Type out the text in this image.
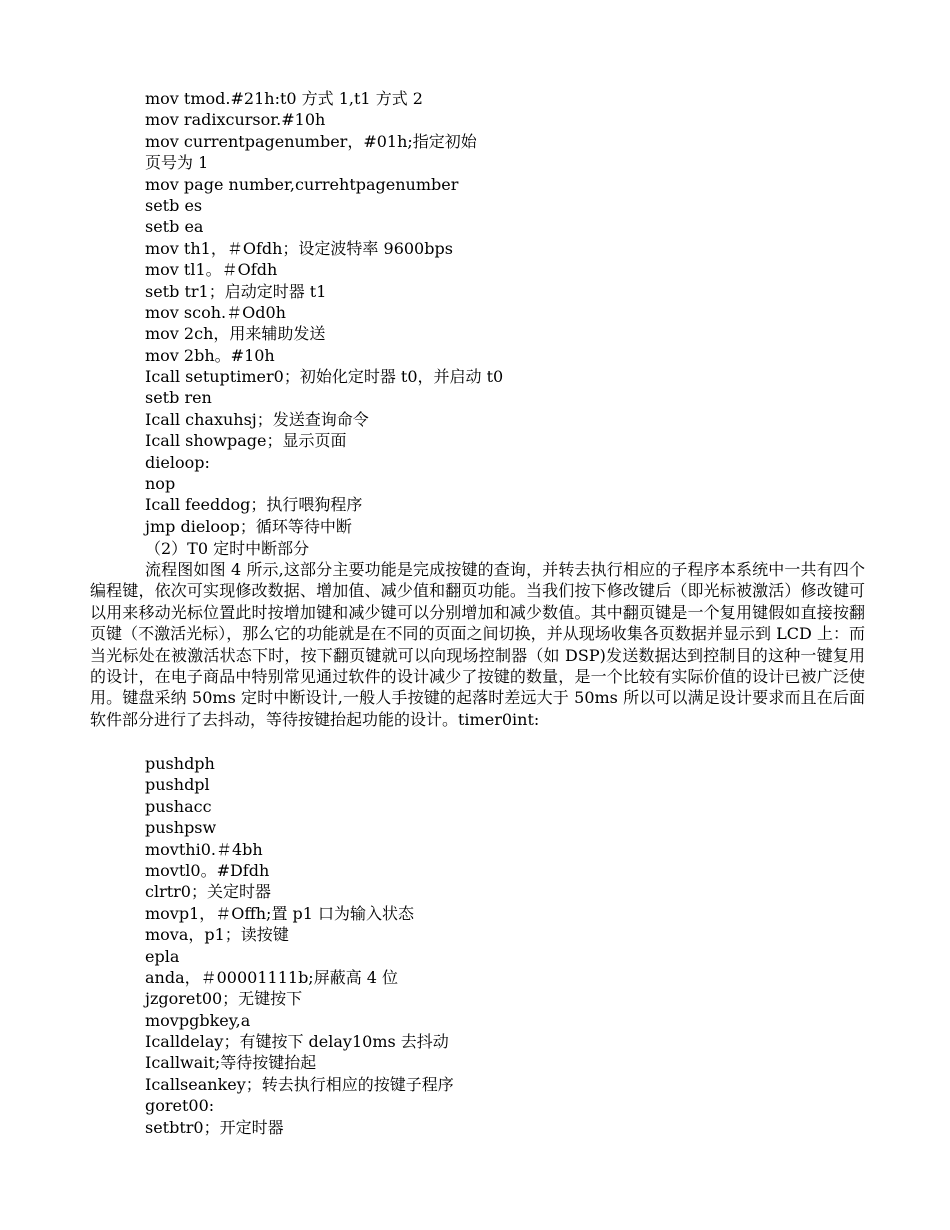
mov tmod.#21h:t0 方式 1,t1 方式 2
mov radixcursor.#10h
mov currentpagenumber，#01h;指定初始
页号为 1
mov page number,currehtpagenumber
setb es
setb ea
mov th1，＃Ofdh；设定波特率 9600bps
mov tl1。＃Ofdh
setb tr1；启动定时器 t1
mov scoh.＃Od0h
mov 2ch，用来辅助发送
mov 2bh。#10h
Icall setuptimer0；初始化定时器 t0，并启动 t0
setb ren
Icall chaxuhsj；发送查询命令
Icall showpage；显示页面
dieloop:
nop
Icall feeddog；执行喂狗程序
jmp dieloop；循环等待中断
（2）T0 定时中断部分
流程图如图 4 所示,这部分主要功能是完成按键的查询，并转去执行相应的子程序本系统中一共有四个编程键，依次可实现修改数据、增加值、减少值和翻页功能。当我们按下修改键后（即光标被激活）修改键可以用来移动光标位置此时按增加键和减少键可以分别增加和减少数值。其中翻页键是一个复用键假如直接按翻页键（不激活光标），那么它的功能就是在不同的页面之间切换，并从现场收集各页数据并显示到 LCD 上：而当光标处在被激活状态下时，按下翻页键就可以向现场控制器（如 DSP)发送数据达到控制目的这种一键复用的设计，在电子商品中特别常见通过软件的设计减少了按键的数量，是一个比较有实际价值的设计已被广泛使用。键盘采纳 50ms 定时中断设计,一般人手按键的起落时差远大于 50ms 所以可以满足设计要求而且在后面软件部分进行了去抖动，等待按键抬起功能的设计。timer0int:
pushdph
pushdpl
pushacc
pushpsw
movthi0.＃4bh
movtl0。#Dfdh
clrtr0；关定时器
movp1，＃Offh;置 p1 口为输入状态
mova，p1；读按键
epla
anda，＃00001111b;屏蔽高 4 位
jzgoret00；无键按下
movpgbkey,a
Icalldelay；有键按下 delay10ms 去抖动
Icallwait;等待按键抬起
Icallseankey；转去执行相应的按键子程序
goret00:
setbtr0；开定时器
